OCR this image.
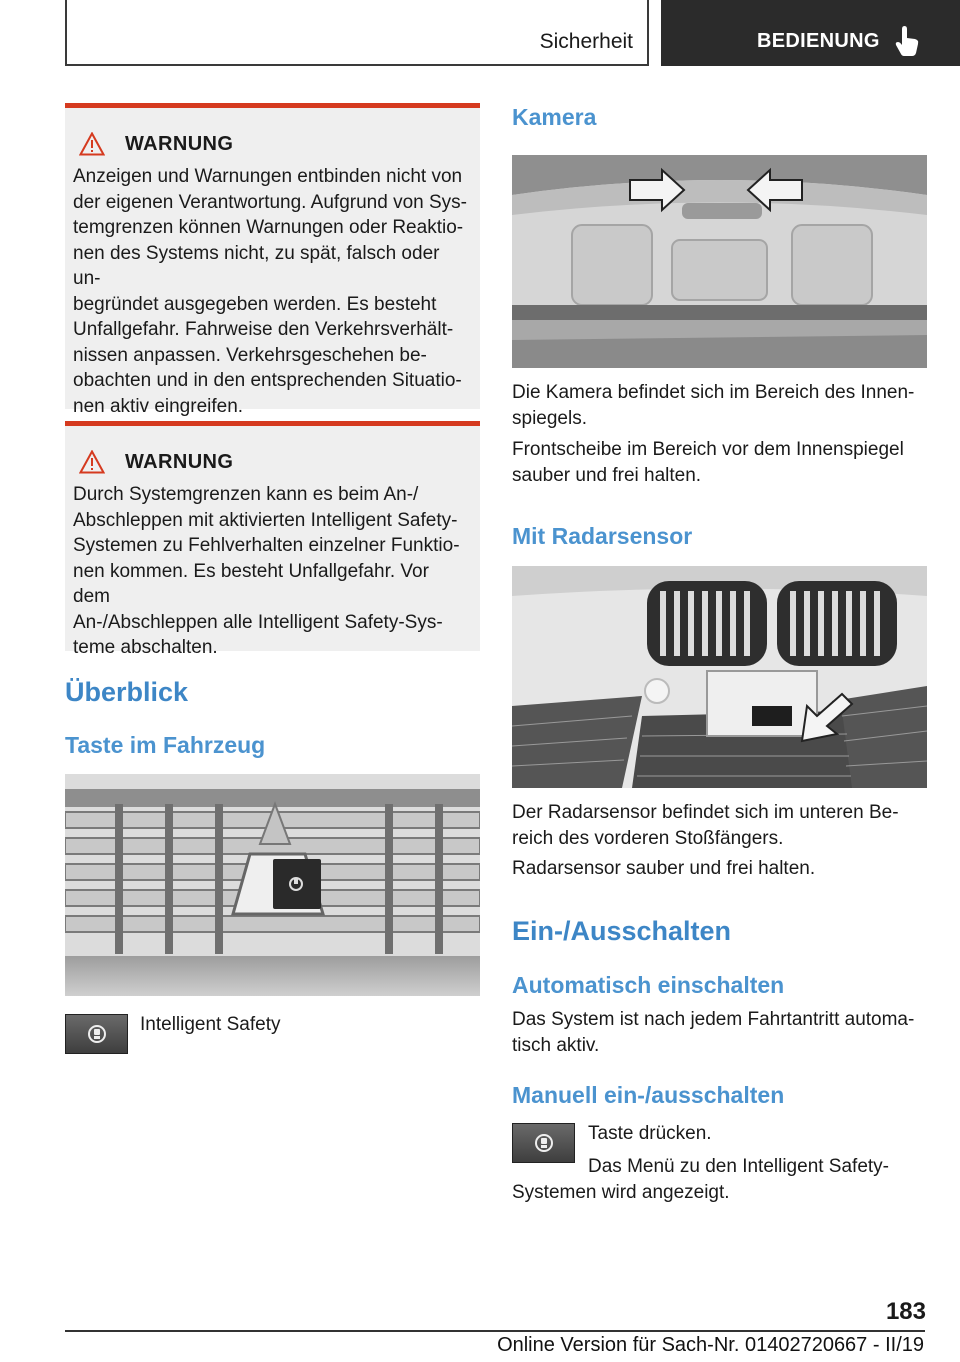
Sicherheit	BEDIENUNG
WARNUNG
Anzeigen und Warnungen entbinden nicht von
der eigenen Verantwortung. Aufgrund von Sys‐
temgrenzen können Warnungen oder Reaktio‐
nen des Systems nicht, zu spät, falsch oder un‐
begründet ausgegeben werden. Es besteht
Unfallgefahr. Fahrweise den Verkehrsverhält‐
nissen anpassen. Verkehrsgeschehen be‐
obachten und in den entsprechenden Situatio‐
nen aktiv eingreifen.
WARNUNG
Durch Systemgrenzen kann es beim An‐/
Abschleppen mit aktivierten Intelligent Safety‐
Systemen zu Fehlverhalten einzelner Funktio‐
nen kommen. Es besteht Unfallgefahr. Vor dem
An‐/Abschleppen alle Intelligent Safety‐Sys‐
teme abschalten.
Überblick
Taste im Fahrzeug
Intelligent Safety
Kamera
Die Kamera befindet sich im Bereich des Innen‐
spiegels.
Frontscheibe im Bereich vor dem Innenspiegel
sauber und frei halten.
Mit Radarsensor
Der Radarsensor befindet sich im unteren Be‐
reich des vorderen Stoßfängers.
Radarsensor sauber und frei halten.
Ein-/Ausschalten
Automatisch einschalten
Das System ist nach jedem Fahrtantritt automa‐
tisch aktiv.
Manuell ein-/ausschalten
Taste drücken.
Das Menü zu den Intelligent Safety‐
Systemen wird angezeigt.
183
Online Version für Sach-Nr. 01402720667 - II/19
